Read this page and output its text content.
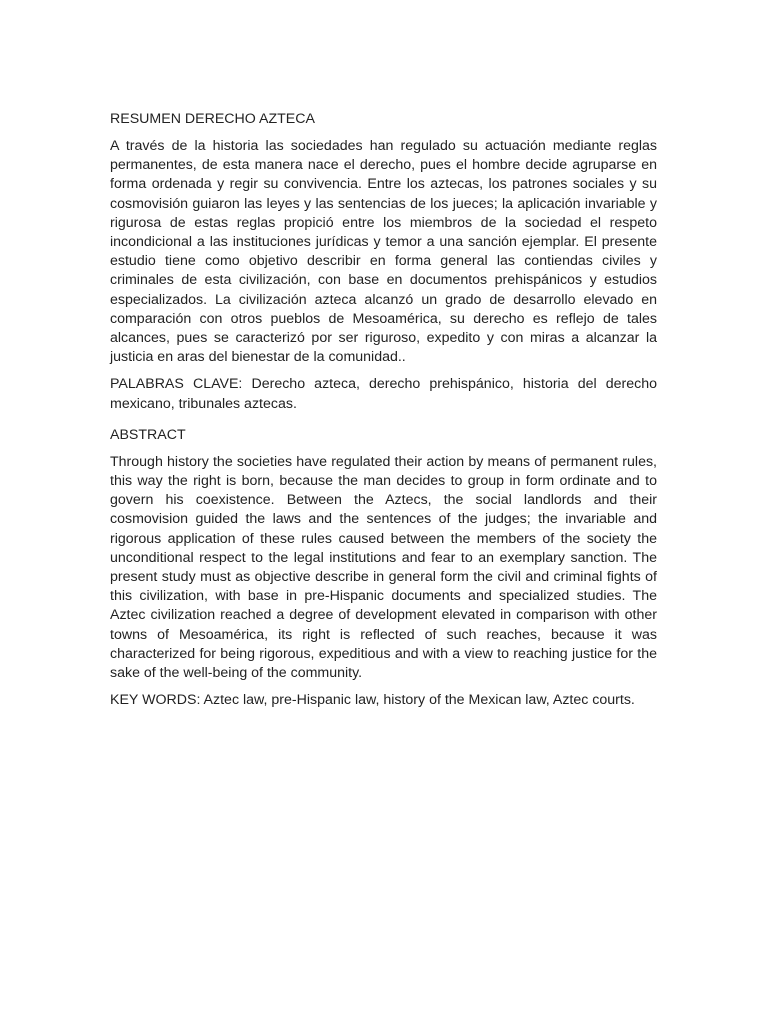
RESUMEN DERECHO AZTECA
A través de la historia las sociedades han regulado su actuación mediante reglas permanentes, de esta manera nace el derecho, pues el hombre decide agruparse en forma ordenada y regir su convivencia. Entre los aztecas, los patrones sociales y su cosmovisión guiaron las leyes y las sentencias de los jueces; la aplicación invariable y rigurosa de estas reglas propició entre los miembros de la sociedad el respeto incondicional a las instituciones jurídicas y temor a una sanción ejemplar. El presente estudio tiene como objetivo describir en forma general las contiendas civiles y criminales de esta civilización, con base en documentos prehispánicos y estudios especializados. La civilización azteca alcanzó un grado de desarrollo elevado en comparación con otros pueblos de Mesoamérica, su derecho es reflejo de tales alcances, pues se caracterizó por ser riguroso, expedito y con miras a alcanzar la justicia en aras del bienestar de la comunidad..
PALABRAS CLAVE: Derecho azteca, derecho prehispánico, historia del derecho mexicano, tribunales aztecas.
ABSTRACT
Through history the societies have regulated their action by means of permanent rules, this way the right is born, because the man decides to group in form ordinate and to govern his coexistence. Between the Aztecs, the social landlords and their cosmovision guided the laws and the sentences of the judges; the invariable and rigorous application of these rules caused between the members of the society the unconditional respect to the legal institutions and fear to an exemplary sanction. The present study must as objective describe in general form the civil and criminal fights of this civilization, with base in pre-Hispanic documents and specialized studies. The Aztec civilization reached a degree of development elevated in comparison with other towns of Mesoamérica, its right is reflected of such reaches, because it was characterized for being rigorous, expeditious and with a view to reaching justice for the sake of the well-being of the community.
KEY WORDS: Aztec law, pre-Hispanic law, history of the Mexican law, Aztec courts.
